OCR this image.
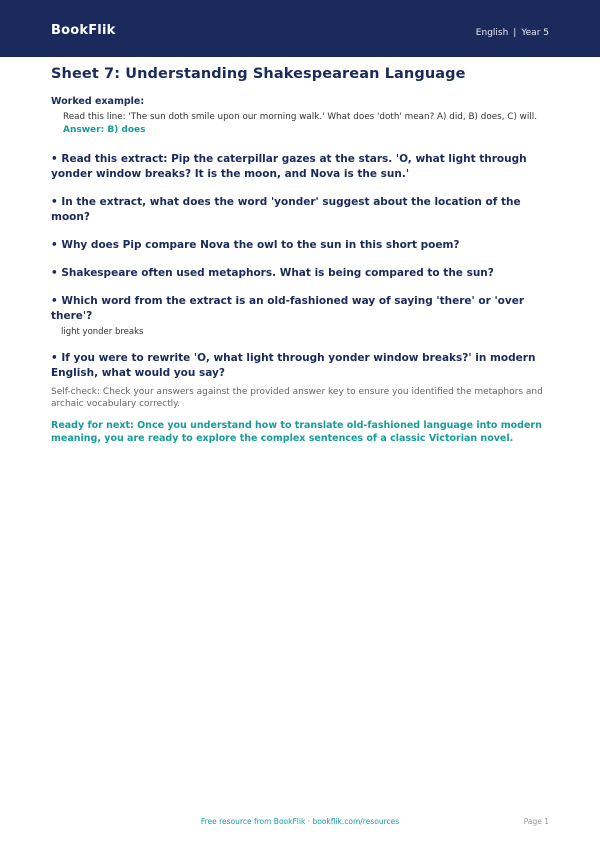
BookFlik	English | Year 5
Sheet 7: Understanding Shakespearean Language
Worked example:
Read this line: 'The sun doth smile upon our morning walk.' What does 'doth' mean? A) did, B) does, C) will.
Answer: B) does
• Read this extract: Pip the caterpillar gazes at the stars. 'O, what light through yonder window breaks? It is the moon, and Nova is the sun.'
• In the extract, what does the word 'yonder' suggest about the location of the moon?
• Why does Pip compare Nova the owl to the sun in this short poem?
• Shakespeare often used metaphors. What is being compared to the sun?
• Which word from the extract is an old-fashioned way of saying 'there' or 'over there'?
light yonder breaks
• If you were to rewrite 'O, what light through yonder window breaks?' in modern English, what would you say?
Self-check: Check your answers against the provided answer key to ensure you identified the metaphors and archaic vocabulary correctly.
Ready for next: Once you understand how to translate old-fashioned language into modern meaning, you are ready to explore the complex sentences of a classic Victorian novel.
Free resource from BookFlik · bookflik.com/resources	Page 1
